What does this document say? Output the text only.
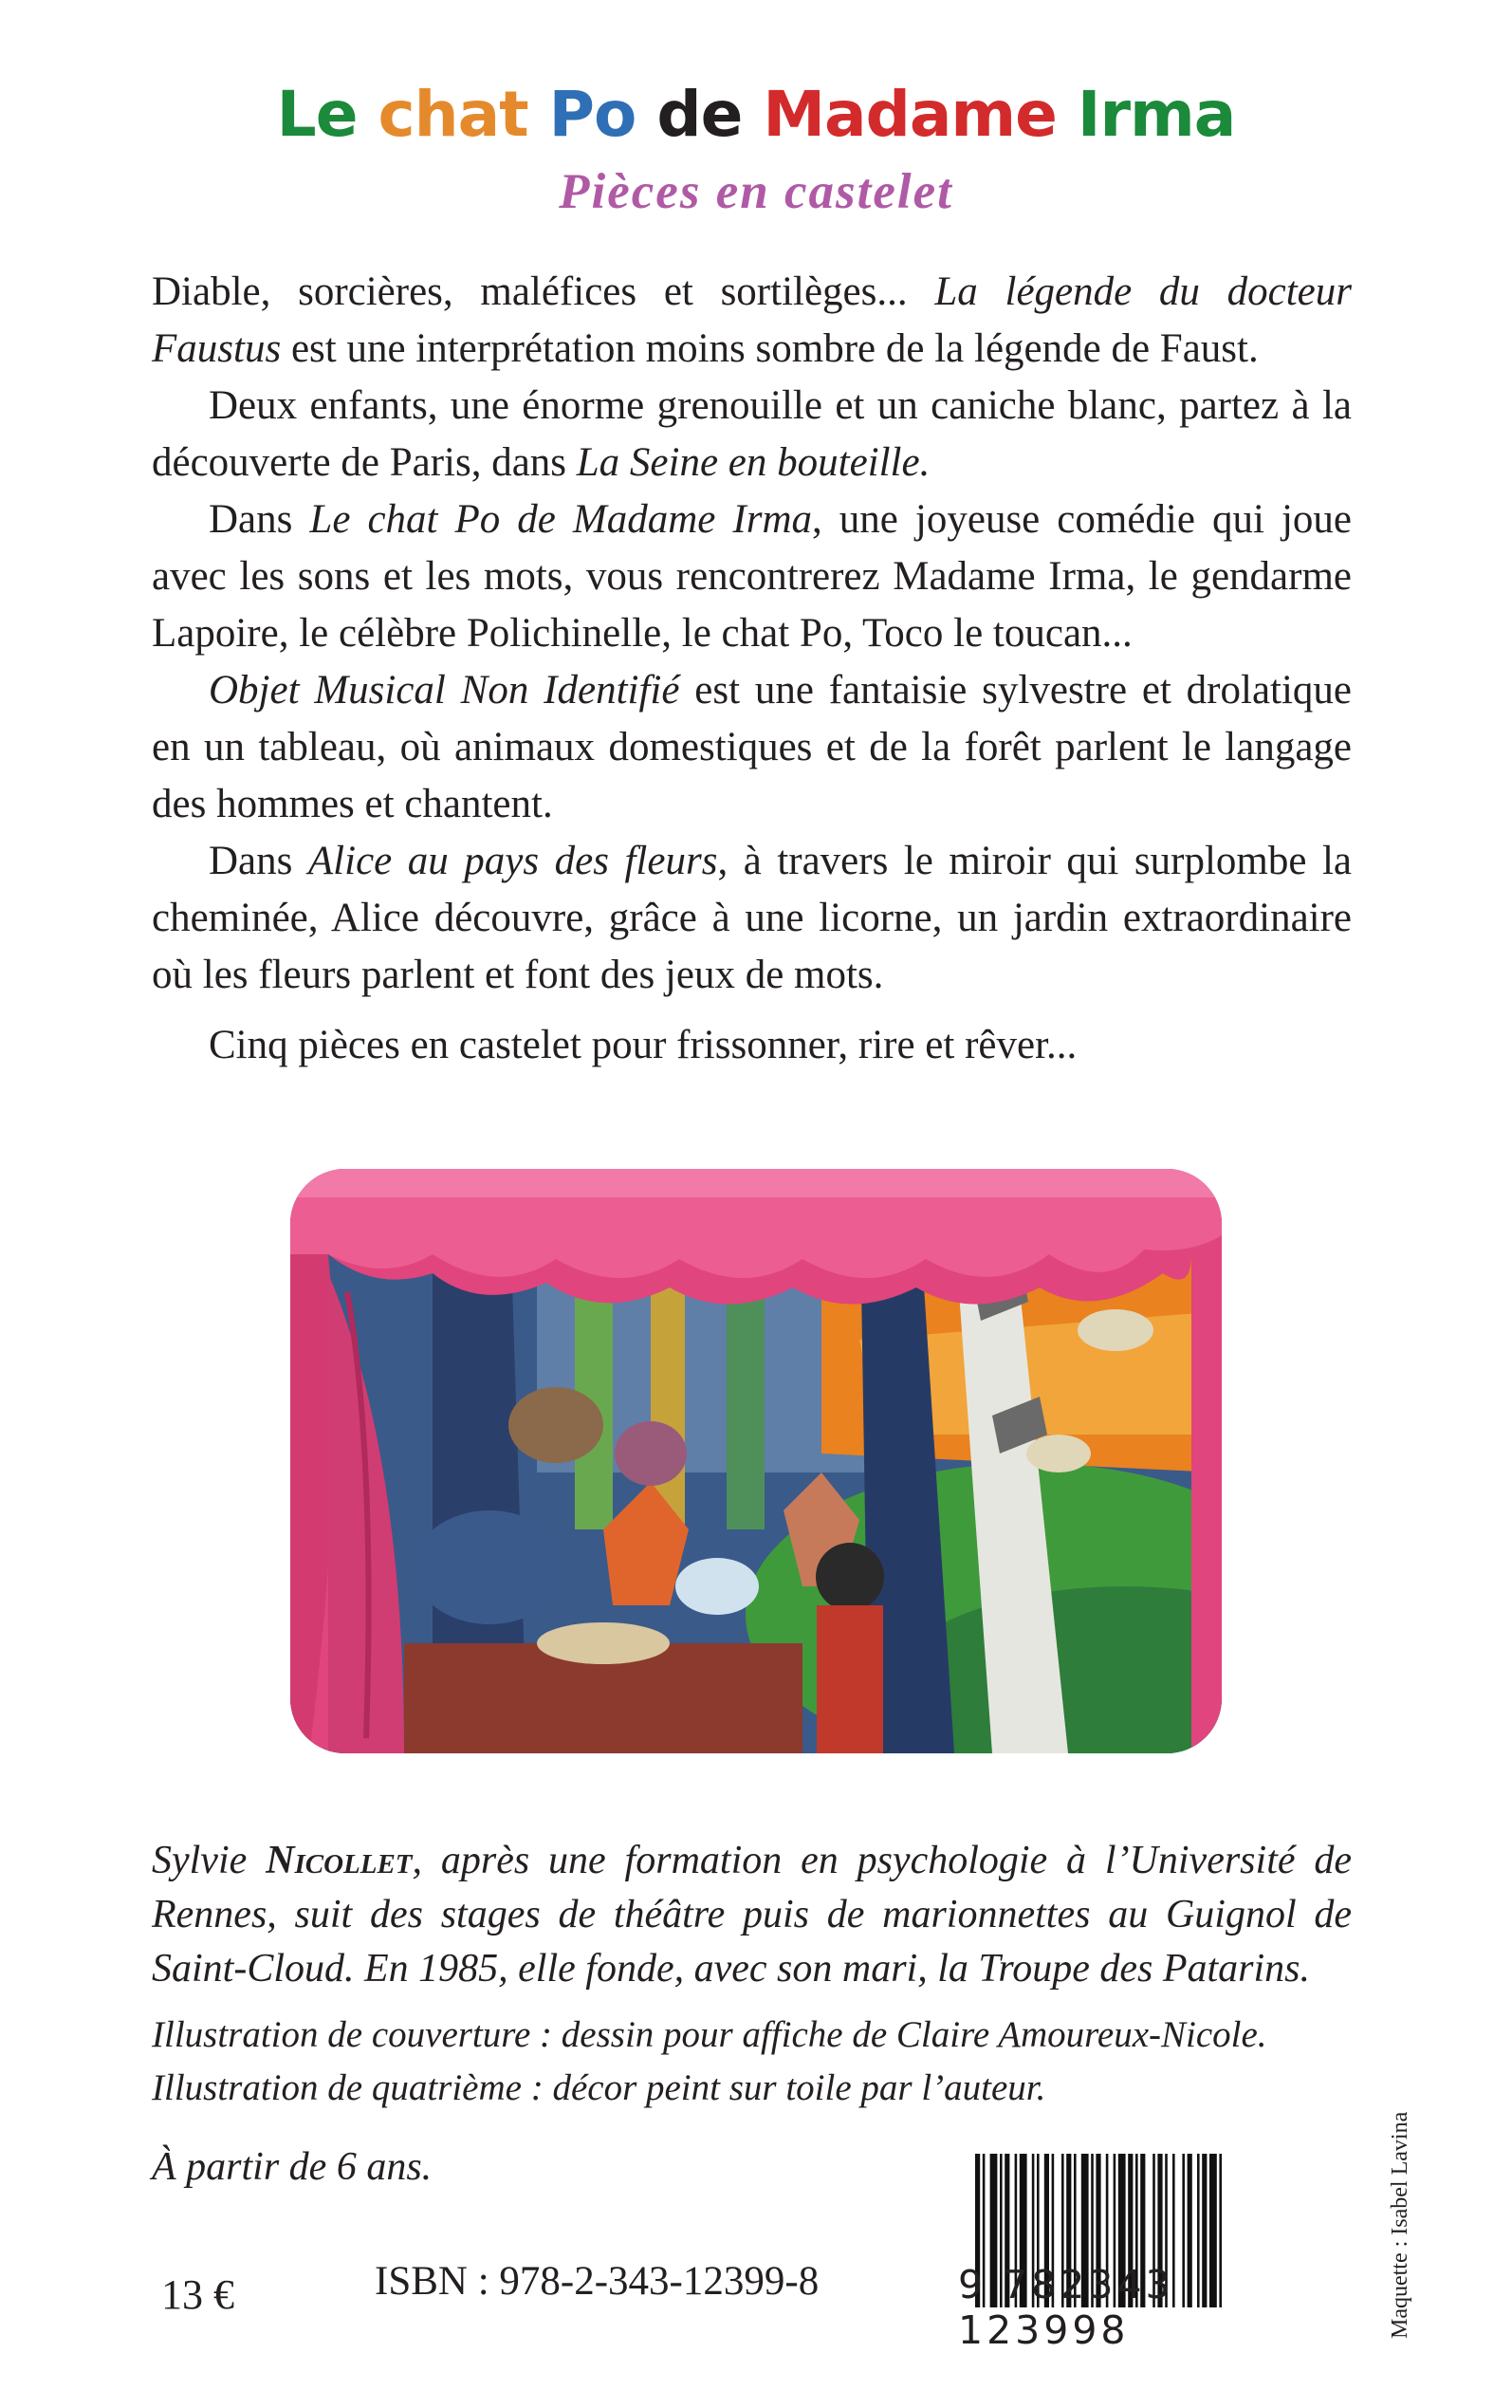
Le chat Po de Madame Irma
Pièces en castelet

Diable, sorcières, maléfices et sortilèges... La légende du docteur Faustus est une interprétation moins sombre de la légende de Faust.

Deux enfants, une énorme grenouille et un caniche blanc, partez à la découverte de Paris, dans La Seine en bouteille.

Dans Le chat Po de Madame Irma, une joyeuse comédie qui joue avec les sons et les mots, vous rencontrerez Madame Irma, le gendarme Lapoire, le célèbre Polichinelle, le chat Po, Toco le toucan...

Objet Musical Non Identifié est une fantaisie sylvestre et drolatique en un tableau, où animaux domestiques et de la forêt parlent le langage des hommes et chantent.

Dans Alice au pays des fleurs, à travers le miroir qui surplombe la cheminée, Alice découvre, grâce à une licorne, un jardin extraordinaire où les fleurs parlent et font des jeux de mots.

Cinq pièces en castelet pour frissonner, rire et rêver...

Sylvie Nicollet, après une formation en psychologie à l’Université de Rennes, suit des stages de théâtre puis de marionnettes au Guignol de Saint-Cloud. En 1985, elle fonde, avec son mari, la Troupe des Patarins.
Illustration de couverture : dessin pour affiche de Claire Amoureux-Nicole.
Illustration de quatrième : décor peint sur toile par l’auteur.
À partir de 6 ans.
13 €	ISBN : 978-2-343-12399-8	9 782343 123998	Maquette : Isabel Lavina
